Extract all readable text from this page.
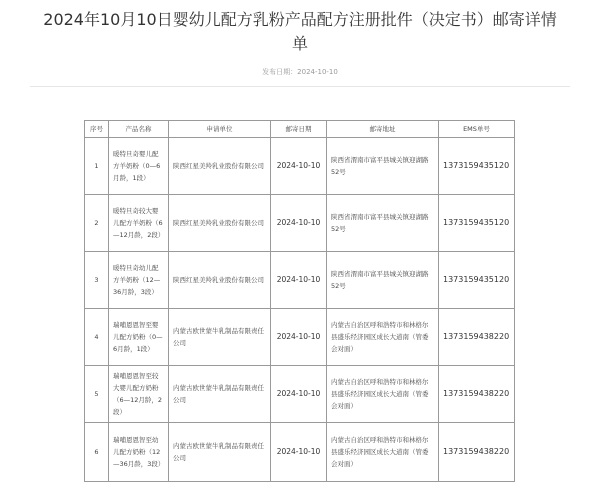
2024年10月10日婴幼儿配方乳粉产品配方注册批件（决定书）邮寄详情单
发布日期：2024-10-10
序号	产品名称	申请单位	邮寄日期	邮寄地址	EMS单号
1	暖特旦奇婴儿配方羊奶粉（0—6月龄，1段）	陕西红星美羚乳业股份有限公司	2024-10-10	陕西省渭南市富平县城关镇迎湖路52号	1373159435120
2	暖特旦奇较大婴儿配方羊奶粉（6—12月龄，2段）	陕西红星美羚乳业股份有限公司	2024-10-10	陕西省渭南市富平县城关镇迎湖路52号	1373159435120
3	暖特旦奇幼儿配方羊奶粉（12—36月龄，3段）	陕西红星美羚乳业股份有限公司	2024-10-10	陕西省渭南市富平县城关镇迎湖路52号	1373159435120
4	瑞哺恩恩智至婴儿配方奶粉（0—6月龄，1段）	内蒙古欧世蒙牛乳制品有限责任公司	2024-10-10	内蒙古自治区呼和浩特市和林格尔县盛乐经济园区成长大道南（管委会对面）	1373159438220
5	瑞哺恩恩智至较大婴儿配方奶粉（6—12月龄，2段）	内蒙古欧世蒙牛乳制品有限责任公司	2024-10-10	内蒙古自治区呼和浩特市和林格尔县盛乐经济园区成长大道南（管委会对面）	1373159438220
6	瑞哺恩恩智至幼儿配方奶粉（12—36月龄，3段）	内蒙古欧世蒙牛乳制品有限责任公司	2024-10-10	内蒙古自治区呼和浩特市和林格尔县盛乐经济园区成长大道南（管委会对面）	1373159438220
